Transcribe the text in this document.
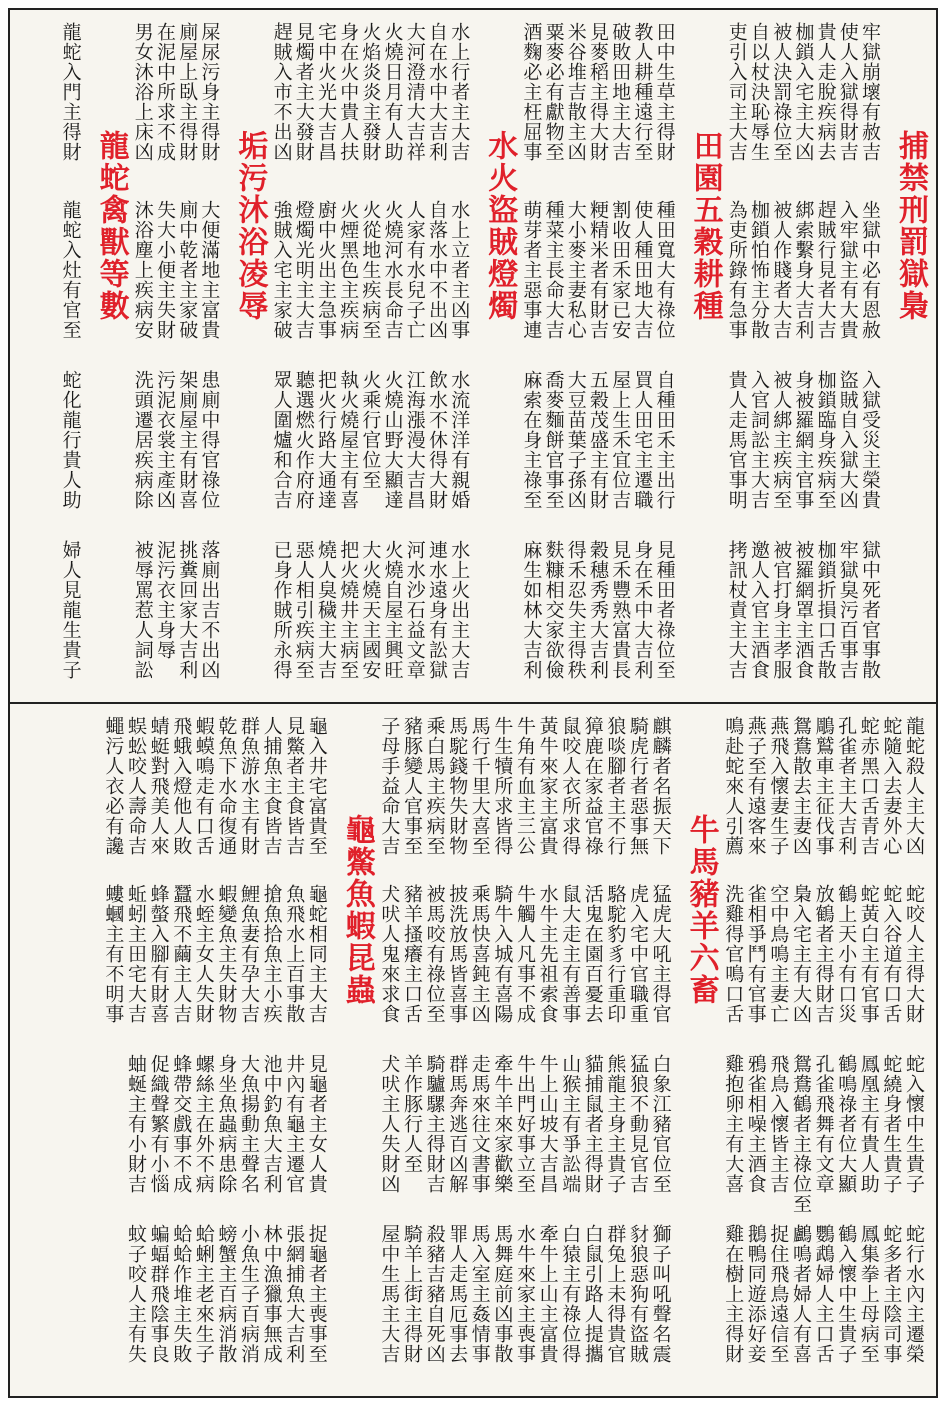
捕禁刑罰獄梟
牢獄崩壞有赦吉
坐獄中必有恩赦
入獄受災主榮貴
獄中死者官事散
使人入獄得財吉
入牢獄主有大貴
盜賊自入獄大凶
牢獄臭污百事吉
貴人走脫疾病去
趕賊行見者大吉
枷鎖臨身疾病至
枷鎖折損口舌散
枷鎖入宅主大凶
綁索繫身大吉利
身被羅網主官事
被羅網罩主酒食
被人決罰祿位至
被人作賤者大吉
被人綁主疾病至
被官打身主孝服
自以杖決恥辱生
枷鎖怕怖主分散
入官詞訟主大吉
邀人入官主酒食
吏引入司主大吉
為吏所錄有急事
貴人走馬官事明
拷訊杖責主大吉
田園五穀耕種
田中生草主得財
種田寬大有祿位
自種田禾主出行
見種田者祿位至
教人耕種遠行至
使人種田地大吉
買人田宅主遷職
身在禾中大吉利
破敗田地主大吉
割收田禾家已安
屋上生禾宜位吉
見禾豐熟富貴長
見麥稻主得大財
粳精米者有財吉
五穀茂盛主有財
穀穗秀秀大吉利
米谷堆吉散主凶
大小麥主妻私心
大豆苗葉子孫凶
得禾忍失主得秩
粟麥必有獻物至
種菜主長命大吉
喬麥麵餅官事至
麩糠相交家欲儉
酒麴必主枉屈事
萌芽者主惡事連
麻索在身主祿至
麻生如林大吉利
水火盜賊燈燭
水上行者主大吉
水上立者主凶事
水流洋洋有親婚
水上火出主大吉
自在水中大吉利
自落水中不出凶
飲水不休得大財
連水遠身有訟獄
大河澄清大吉祥
人家有水兒子亡
江海漲漫大吉昌
河水沙石益文章
火燒日月有人助
火燒河水長命吉
火燒山野大顯達
火燒自屋主興旺
火焰炎炎主發財
火從地生疾病至
火乘行官位至
大火燒天主國安
身在火中貴人扶
火煙黑色主疾病
執火燒屋主有喜
把火燒井主病至
宅中火光大吉昌
廚中火出主急事
把火行路大通達
燒人臭穢主大吉
見燭者主大發財
燈燭光明主大吉
聽選燃火作府府
惡人相引疾病至
趕賊入市不出凶
強賊入宅主家破
眾人圍爐和合吉
已身作賊所永得
垢污沐浴凌辱
屎尿污身主得財
大便滿地主富貴
患廁中得官祿位
落廁出吉不出凶
廁屋上臥主得財
廁中乾者主家破
架廁屋主有財喜
挑糞回家大吉利
在泥中所求不成
失大小便主失財
污泥衣裳主產凶
泥污衣主身辱
男女沐浴上床凶
沐浴塵上疾病安
洗頭遷居疾病除
被辱罵惹人詞訟
龍蛇禽獸等數
龍蛇入門主得財
龍蛇入灶有官至
蛇化龍行貴人助
婦人見龍生貴子
龍蛇殺人主大凶
蛇咬人主得大財
蛇入懷中生貴子
蛇行水內主遷榮
蛇隨入去妻外心
蛇入谷道有口舌
蛇繞身者生貴子
蛇多者主陰司事
蛇赤黑口舌青吉
蛇黃白主有官事
鳳凰主有貴人助
鳳集拳上母病至
孔雀者主大吉利
鶴上天小有口災
鶴鳴祿者位大顯
鶴入懷中生貴子
鵰鷲車主征伐事
放鶴者主得財吉
孔雀飛舞有文章
鸚鵡婦人主口舌
鴛鴦散去主妻凶
梟入宅主有大凶
鴛鴦鶴者主祿位至
鸕鳴者婦人有喜
燕飛入懷妻生子
空中鳥鳴主妻亡
飛鳥入懷皆主吉
捉住飛鳥遠信至
燕子至有遠客來
雀相爭鬥有官事
鴉雀相噪主酒食
鵝鴨同遊添好妾
鳴赴蛇來人引薦
洗雞得官鳴口舌
雞抱卵主有大喜
雞在樹上主得財
牛馬豬羊六畜
麒麟者名振天下
猛虎大吼主得官
白象江豬官位至
獅子叫吼聲名震
騎虎行者惡事無
虎入宅中官職重
猛狼不動見官吉
豺狼惡狗有盜賊
狼啖腳者主不行
駱駝豹豸行重印
熊龍主身主貴子
群兔上未得貴官
獐鹿在家益官祿
活鬼在園百憂去
貓捕鼠者主得財
白鼠引路人提攜
鼠咬人衣所求得
鼠大走主有善事
山猴主有爭訟端
白猿主有祿位得
黃牛來家主富貴
水牛主先祖索食
牛上山坡大吉昌
牽牛上山主富貴
牛角有血主三公
牛觸人凡事不成
牛出門好事立至
水牛來家主喪事
牛生犢所求皆得
騎牛入城有喜陽
牽牛羊來家歡樂
馬舞庭前凶事散
馬行千里大喜至
乘馬快喜鈍主凶
走馬來往文書事
馬入室主姦情事
馬駝錢物失財物
披洗放馬皆喜事
群馬奔逃百凶解
罪人走馬厄事去
乘白馬主疾病至
被馬咬有祿位至
騎驢騾主得財吉
殺豬吉豬自死凶
豬豚變人官事至
豬羊搔癢主口舌
羊作豚行人至
騎羊上街主得財
子母手益命大吉
犬吠人鬼來求食
犬吠主人失財凶
屋中生馬主大吉
龜鱉魚蝦昆蟲
龜入井宅富貴至
龜蛇相同主大吉
見龜者主女人貴
捉龜者主喪事至
見鱉者主食皆吉
魚飛水上百事散
井內有龜主遷官
張網捕魚大吉利
人捕魚主食皆吉
搶魚拾魚主小疾
池中釣魚大吉利
林中漁獵事無成
群魚游水主有財
鯉魚妻有孕大吉
大魚揚動主聲名
小魚生子百病消
乾魚下水命復通
蝦變魚主失財物
身坐魚蟲病患除
螃蟹主百病消散
蝦蟆鳴走有口舌
水蛭主女人失財
螺絲主在外不病
蛤蜊主老來生子
飛蛾入燈他人敗
蠶飛不繭主人吉
蜂帶交戲事不成
蛤蛤作堆主失敗
蜻蜓對飛美人來
蜂螫入腳有財喜
促織聲繁有小惱
蝙蝠群飛陰事良
蜈蚣咬人壽命吉
蚯蚓主田宅大吉
蚰蜒主有小財吉
蚊子咬人主有失
蠅污人衣必有讒
螻蟈主有不明事
